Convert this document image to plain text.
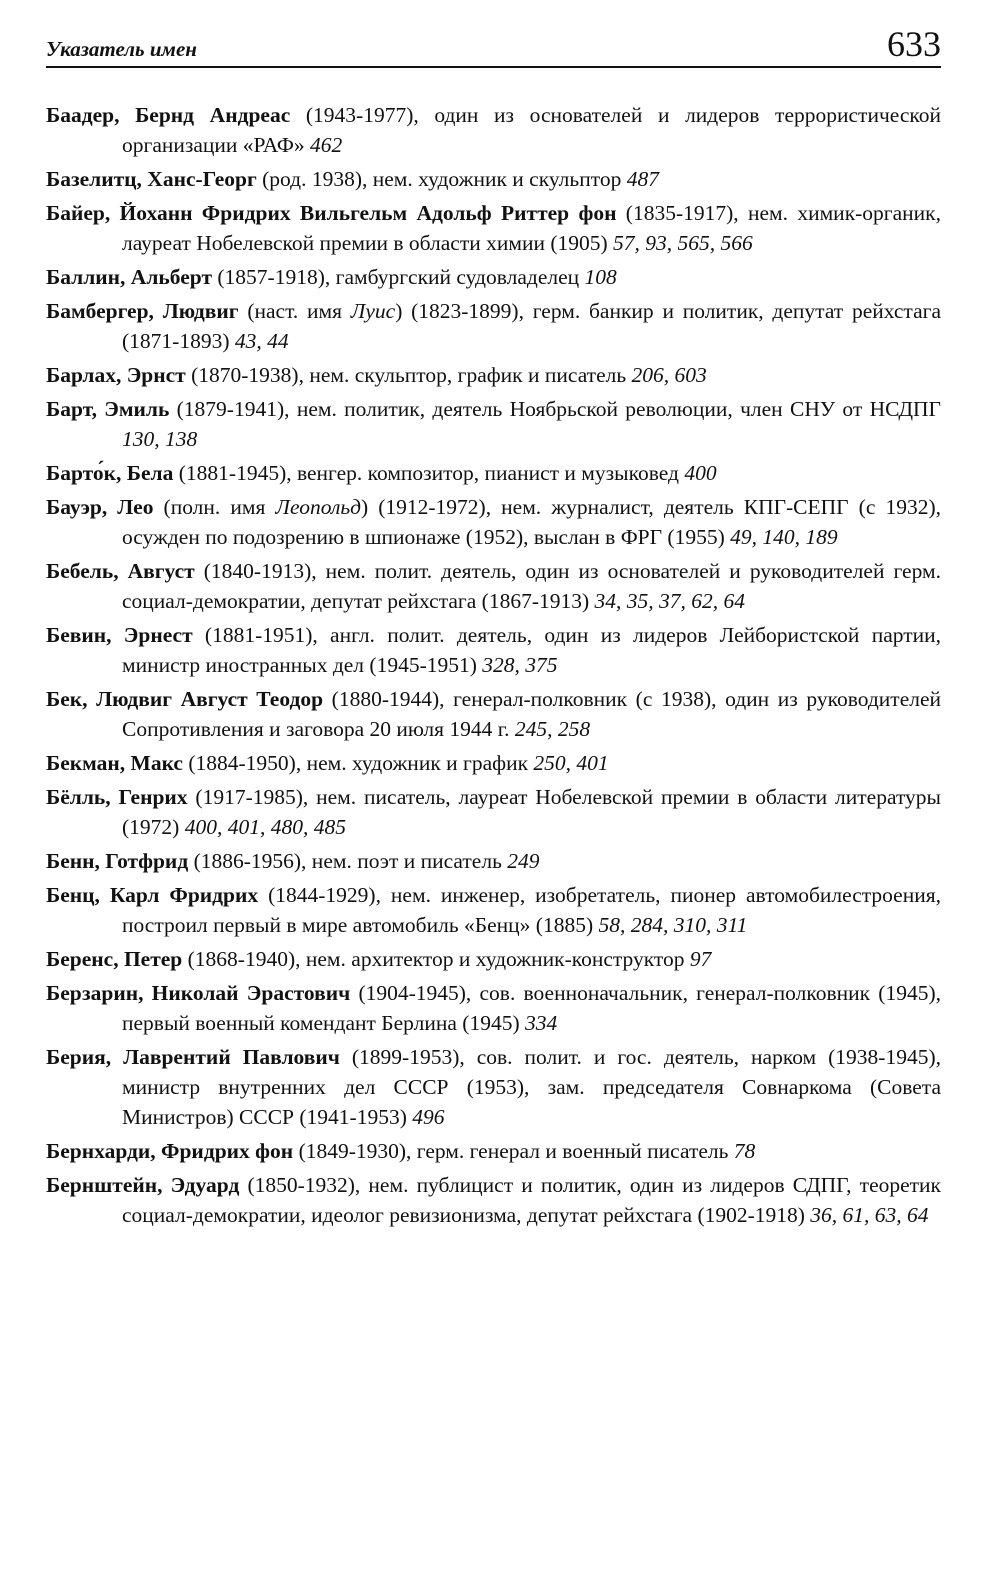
Указатель имен	633

Баадер, Бернд Андреас (1943-1977), один из основателей и лидеров террористической организации «РАФ» 462

Базелитц, Ханс-Георг (род. 1938), нем. художник и скульптор 487

Байер, Йоханн Фридрих Вильгельм Адольф Риттер фон (1835-1917), нем. химик-органик, лауреат Нобелевской премии в области химии (1905) 57, 93, 565, 566

Баллин, Альберт (1857-1918), гамбургский судовладелец 108

Бамбергер, Людвиг (наст. имя Луис) (1823-1899), герм. банкир и политик, депутат рейхстага (1871-1893) 43, 44

Барлах, Эрнст (1870-1938), нем. скульптор, график и писатель 206, 603

Барт, Эмиль (1879-1941), нем. политик, деятель Ноябрьской революции, член СНУ от НСДПГ 130, 138

Барто́к, Бела (1881-1945), венгер. композитор, пианист и музыковед 400

Бауэр, Лео (полн. имя Леопольд) (1912-1972), нем. журналист, деятель КПГ-СЕПГ (с 1932), осужден по подозрению в шпионаже (1952), выслан в ФРГ (1955) 49, 140, 189

Бебель, Август (1840-1913), нем. полит. деятель, один из основателей и руководителей герм. социал-демократии, депутат рейхстага (1867-1913) 34, 35, 37, 62, 64

Бевин, Эрнест (1881-1951), англ. полит. деятель, один из лидеров Лейбористской партии, министр иностранных дел (1945-1951) 328, 375

Бек, Людвиг Август Теодор (1880-1944), генерал-полковник (с 1938), один из руководителей Сопротивления и заговора 20 июля 1944 г. 245, 258

Бекман, Макс (1884-1950), нем. художник и график 250, 401

Бёлль, Генрих (1917-1985), нем. писатель, лауреат Нобелевской премии в области литературы (1972) 400, 401, 480, 485

Бенн, Готфрид (1886-1956), нем. поэт и писатель 249

Бенц, Карл Фридрих (1844-1929), нем. инженер, изобретатель, пионер автомобилестроения, построил первый в мире автомобиль «Бенц» (1885) 58, 284, 310, 311

Беренс, Петер (1868-1940), нем. архитектор и художник-конструктор 97

Берзарин, Николай Эрастович (1904-1945), сов. военноначальник, генерал-полковник (1945), первый военный комендант Берлина (1945) 334

Берия, Лаврентий Павлович (1899-1953), сов. полит. и гос. деятель, нарком (1938-1945), министр внутренних дел СССР (1953), зам. председателя Совнаркома (Совета Министров) СССР (1941-1953) 496

Бернхарди, Фридрих фон (1849-1930), герм. генерал и военный писатель 78

Бернштейн, Эдуард (1850-1932), нем. публицист и политик, один из лидеров СДПГ, теоретик социал-демократии, идеолог ревизионизма, депутат рейхстага (1902-1918) 36, 61, 63, 64
